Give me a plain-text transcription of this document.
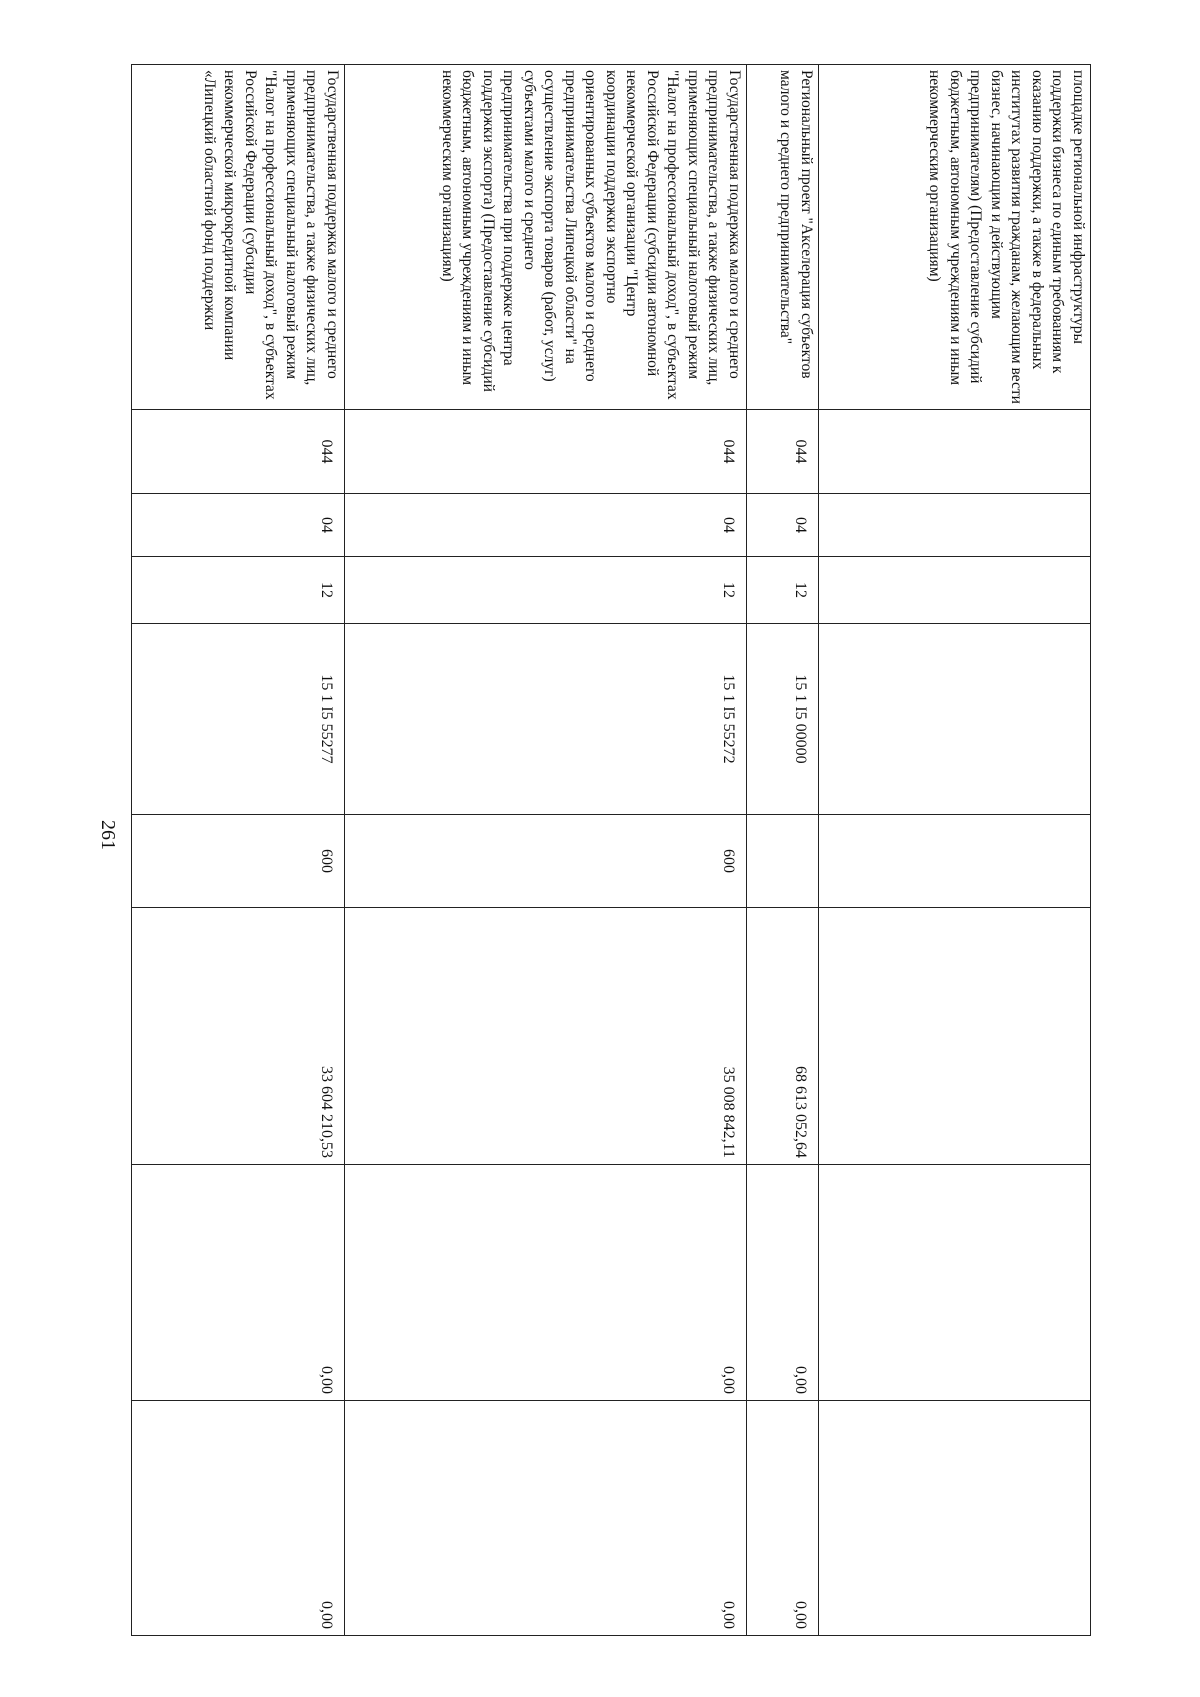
261
площадке региональной инфраструктуры поддержки бизнеса по единым требованиям к оказанию поддержки, а также в федеральных институтах развития гражданам, желающим вести бизнес, начинающим и действующим предпринимателям) (Предоставление субсидий бюджетным, автономным учреждениям и иным некоммерческим организациям)								
Региональный проект "Акселерация субъектов малого и среднего предпринимательства"	044	04	12	15 1 I5 00000		68 613 052,64	0,00	0,00
Государственная поддержка малого и среднего предпринимательства, а также физических лиц, применяющих специальный налоговый режим "Налог на профессиональный доход", в субъектах Российской Федерации (субсидии автономной некоммерческой организации "Центр координации поддержки экспортно ориентированных субъектов малого и среднего предпринимательства Липецкой области" на осуществление экспорта товаров (работ, услуг) субъектами малого и среднего предпринимательства при поддержке центра поддержки экспорта) (Предоставление субсидий бюджетным, автономным учреждениям и иным некоммерческим организациям)	044	04	12	15 1 I5 55272	600	35 008 842,11	0,00	0,00
Государственная поддержка малого и среднего предпринимательства, а также физических лиц, применяющих специальный налоговый режим "Налог на профессиональный доход", в субъектах Российской Федерации (субсидии некоммерческой микрокредитной компании «Липецкий областной фонд поддержки	044	04	12	15 1 I5 55277	600	33 604 210,53	0,00	0,00
